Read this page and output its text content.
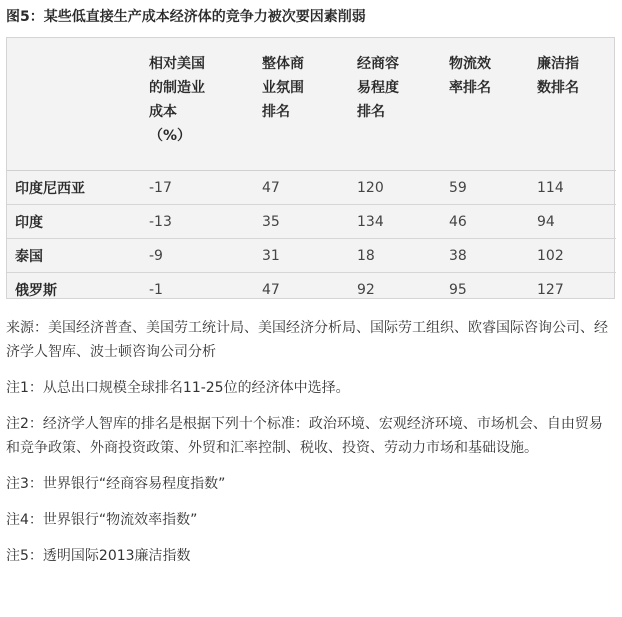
图5：某些低直接生产成本经济体的竞争力被次要因素削弱

	相对美国
的制造业
成本
（%）	整体商
业氛围
排名	经商容
易程度
排名	物流效
率排名	廉洁指
数排名

印度尼西亚	-17	47	120	59	114
印度	-13	35	134	46	94
泰国	-9	31	18	38	102
俄罗斯	-1	47	92	95	127

来源：美国经济普查、美国劳工统计局、美国经济分析局、国际劳工组织、欧睿国际咨询公司、经济学人智库、波士顿咨询公司分析

注1：从总出口规模全球排名11-25位的经济体中选择。

注2：经济学人智库的排名是根据下列十个标准：政治环境、宏观经济环境、市场机会、自由贸易和竞争政策、外商投资政策、外贸和汇率控制、税收、投资、劳动力市场和基础设施。

注3：世界银行“经商容易程度指数”

注4：世界银行“物流效率指数”

注5：透明国际2013廉洁指数
